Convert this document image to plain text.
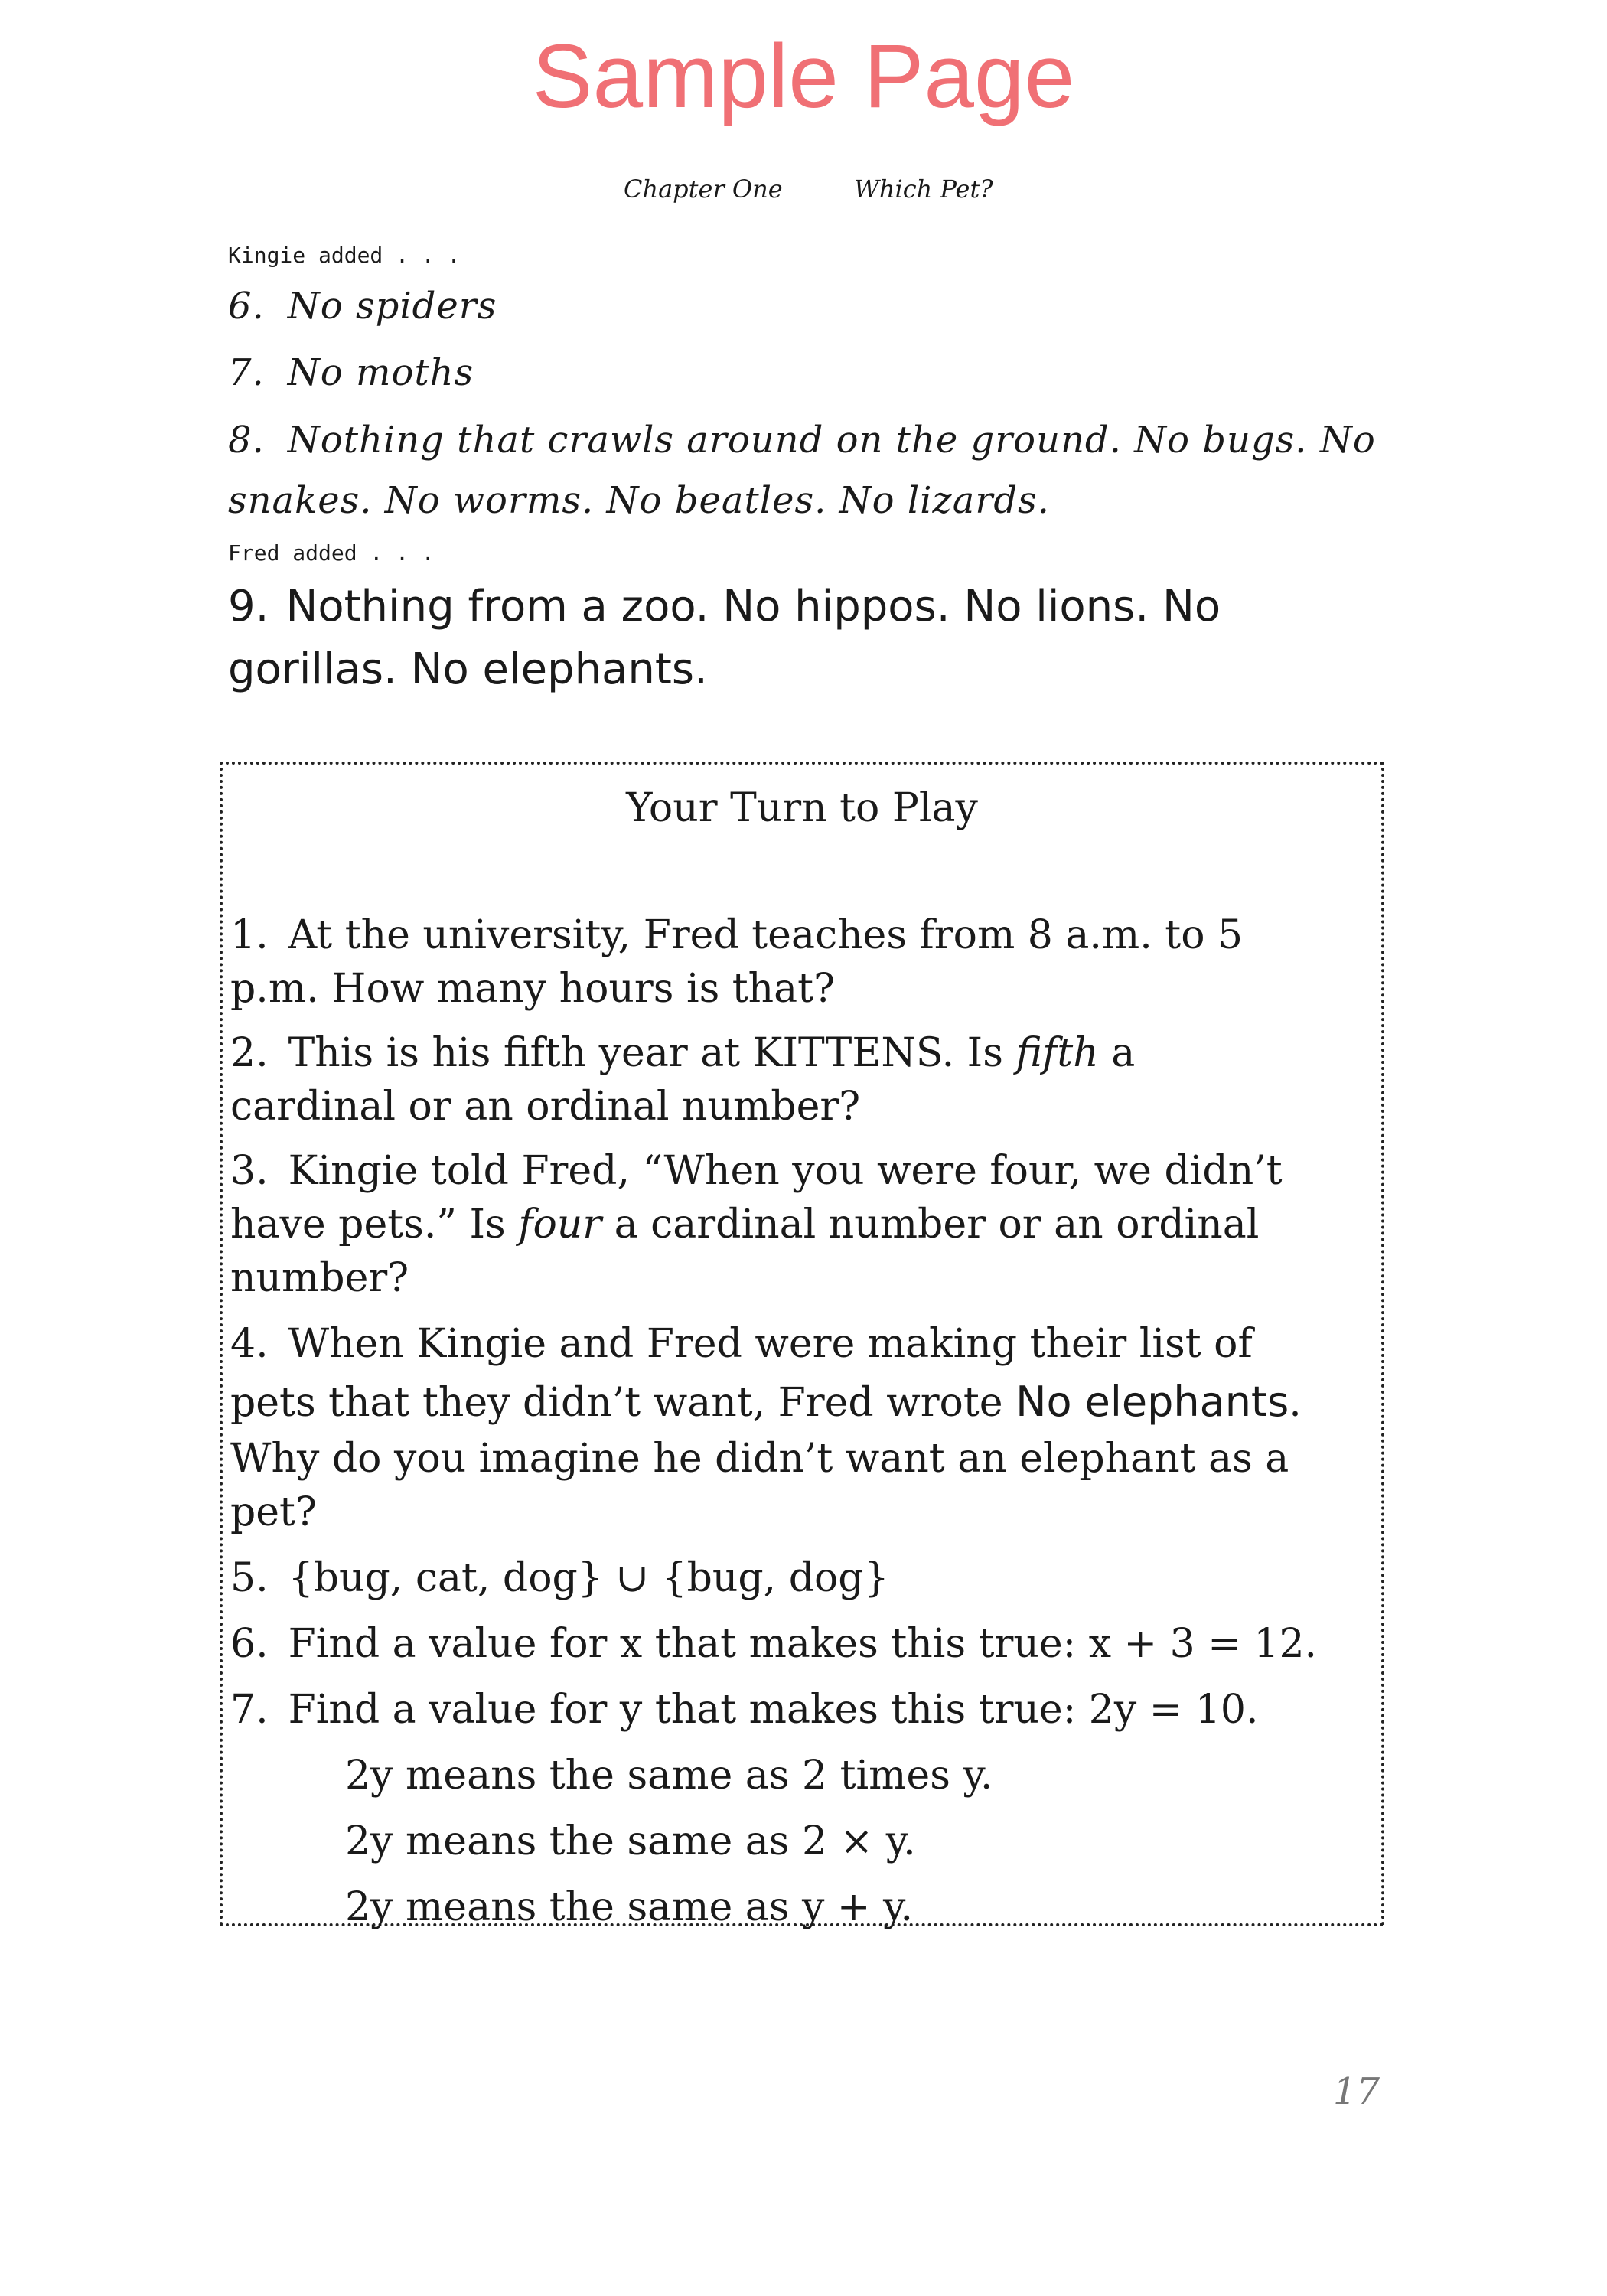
Sample Page
Chapter One	Which Pet?
Kingie added . . .
6. No spiders
7. No moths
8. Nothing that crawls around on the ground. No bugs. No
snakes. No worms. No beatles. No lizards.
Fred added . . .
9. Nothing from a zoo. No hippos. No lions. No
gorillas. No elephants.
Your Turn to Play
1. At the university, Fred teaches from 8 a.m. to 5
p.m. How many hours is that?
2. This is his fifth year at KITTENS. Is fifth a
cardinal or an ordinal number?
3. Kingie told Fred, “When you were four, we didn’t
have pets.” Is four a cardinal number or an ordinal
number?
4. When Kingie and Fred were making their list of
pets that they didn’t want, Fred wrote No elephants.
Why do you imagine he didn’t want an elephant as a
pet?
5. {bug, cat, dog} ∪ {bug, dog}
6. Find a value for x that makes this true: x + 3 = 12.
7. Find a value for y that makes this true: 2y = 10.
2y means the same as 2 times y.
2y means the same as 2 × y.
2y means the same as y + y.
17
